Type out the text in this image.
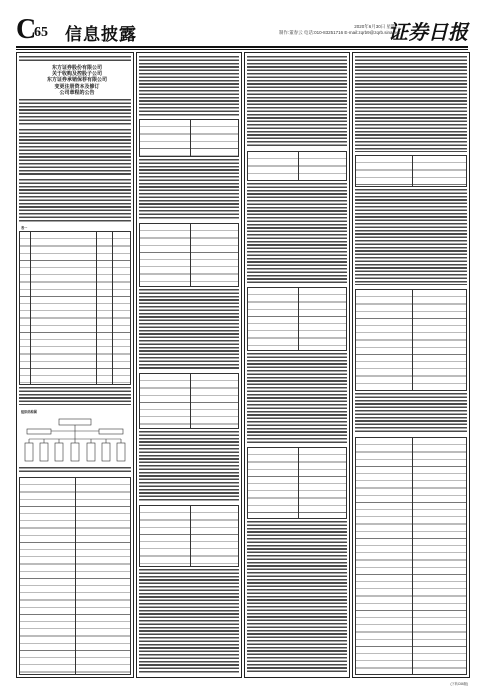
C
65 信息披露	2020年6月30日 星期二
制作:董春云 电话:010-83251716 E-mail:zqrb9@zqrb.sina.net
证券日报
东方证券股份有限公司
关于收购及控股子公司
东方证券承销保荐有限公司
变更注册资本及修订
公司章程的公告
表一
组织结构图
(下转C66版)
